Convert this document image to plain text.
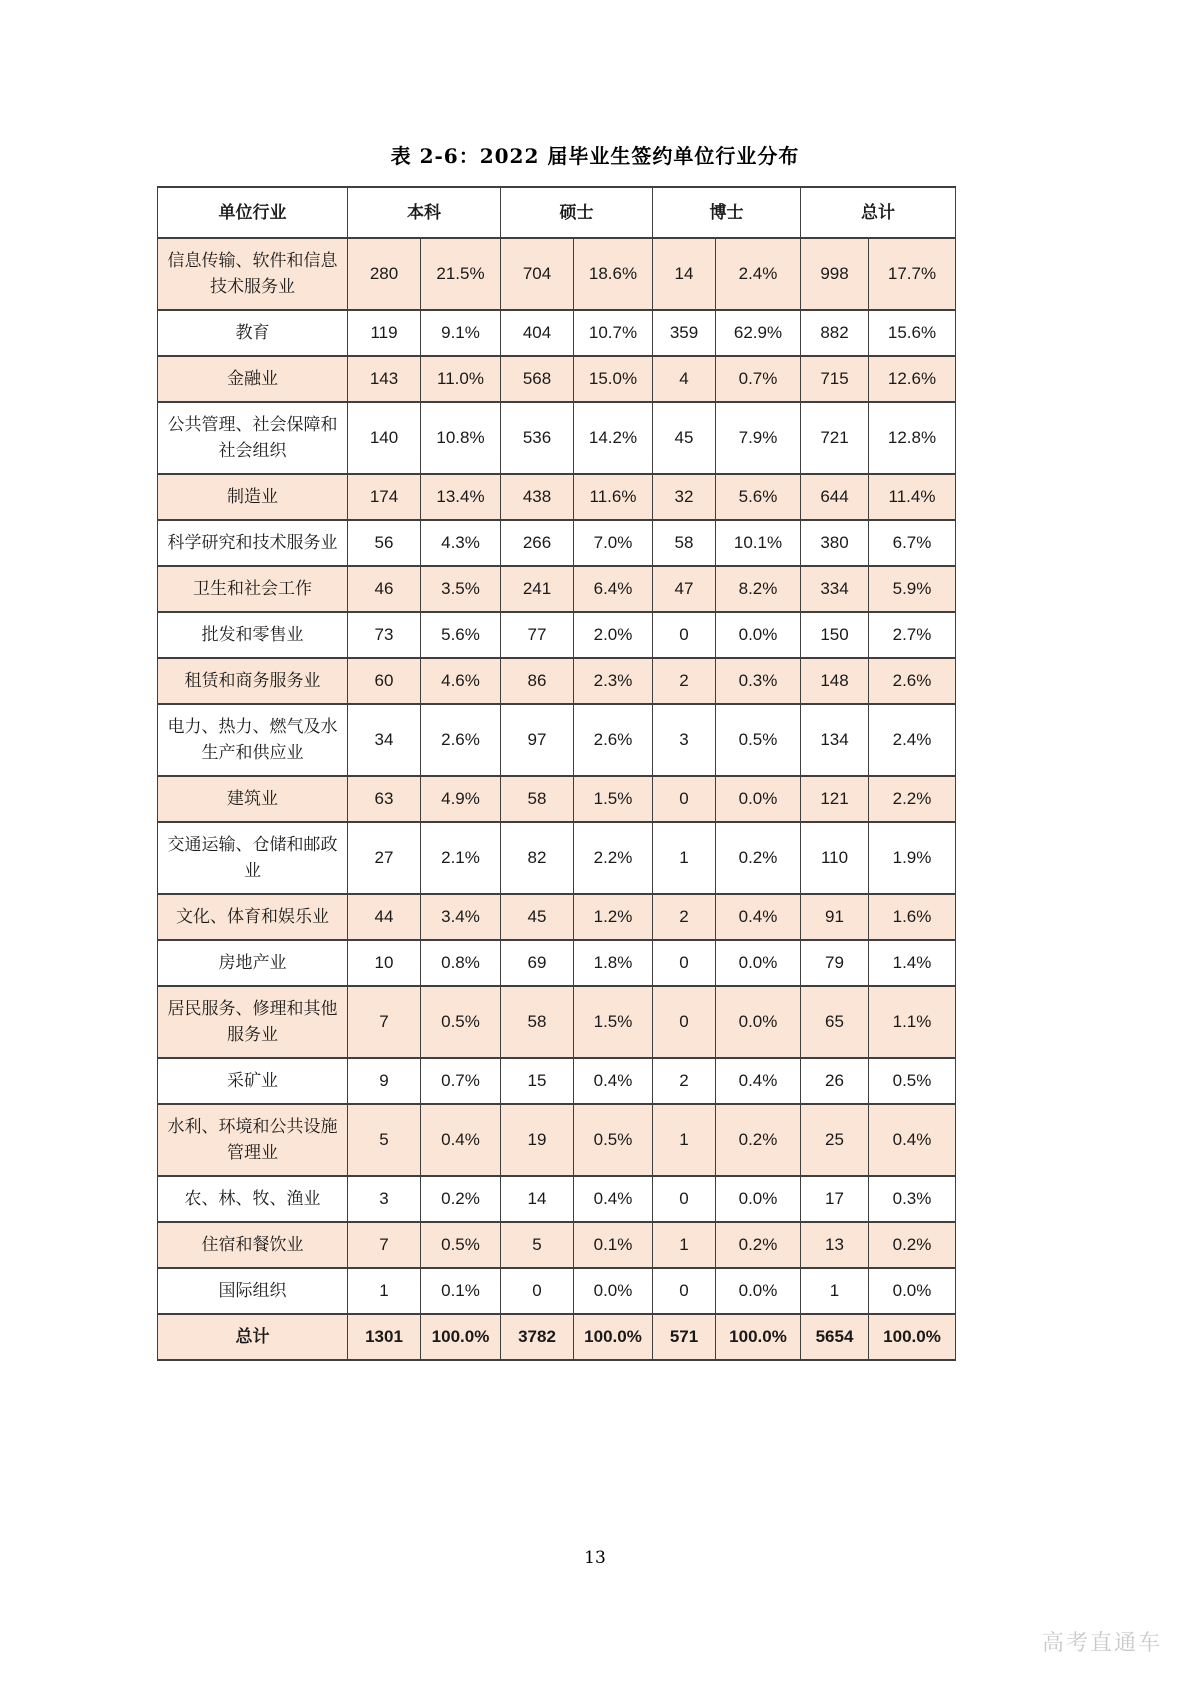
表 2-6：2022 届毕业生签约单位行业分布
单位行业	本科		硕士		博士		总计	
信息传输、软件和信息技术服务业	280	21.5%	704	18.6%	14	2.4%	998	17.7%
教育	119	9.1%	404	10.7%	359	62.9%	882	15.6%
金融业	143	11.0%	568	15.0%	4	0.7%	715	12.6%
公共管理、社会保障和社会组织	140	10.8%	536	14.2%	45	7.9%	721	12.8%
制造业	174	13.4%	438	11.6%	32	5.6%	644	11.4%
科学研究和技术服务业	56	4.3%	266	7.0%	58	10.1%	380	6.7%
卫生和社会工作	46	3.5%	241	6.4%	47	8.2%	334	5.9%
批发和零售业	73	5.6%	77	2.0%	0	0.0%	150	2.7%
租赁和商务服务业	60	4.6%	86	2.3%	2	0.3%	148	2.6%
电力、热力、燃气及水生产和供应业	34	2.6%	97	2.6%	3	0.5%	134	2.4%
建筑业	63	4.9%	58	1.5%	0	0.0%	121	2.2%
交通运输、仓储和邮政业	27	2.1%	82	2.2%	1	0.2%	110	1.9%
文化、体育和娱乐业	44	3.4%	45	1.2%	2	0.4%	91	1.6%
房地产业	10	0.8%	69	1.8%	0	0.0%	79	1.4%
居民服务、修理和其他服务业	7	0.5%	58	1.5%	0	0.0%	65	1.1%
采矿业	9	0.7%	15	0.4%	2	0.4%	26	0.5%
水利、环境和公共设施管理业	5	0.4%	19	0.5%	1	0.2%	25	0.4%
农、林、牧、渔业	3	0.2%	14	0.4%	0	0.0%	17	0.3%
住宿和餐饮业	7	0.5%	5	0.1%	1	0.2%	13	0.2%
国际组织	1	0.1%	0	0.0%	0	0.0%	1	0.0%
总计	1301	100.0%	3782	100.0%	571	100.0%	5654	100.0%
13
高考直通车
